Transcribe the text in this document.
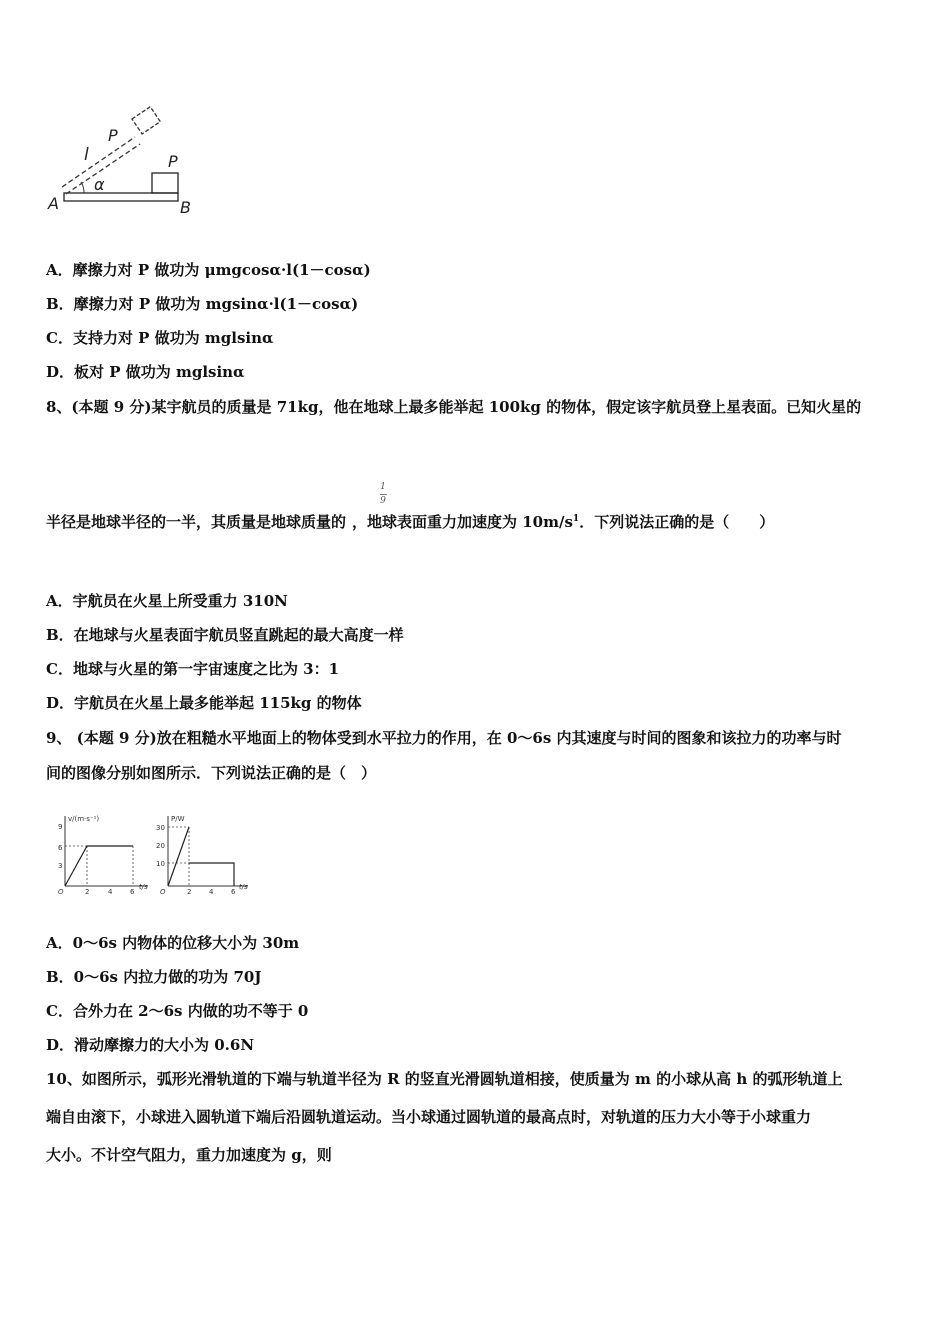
P
l	P
α
A	B
A．摩擦力对 P 做功为 μmgcosα·l(1－cosα)
B．摩擦力对 P 做功为 mgsinα·l(1－cosα)
C．支持力对 P 做功为 mglsinα
D．板对 P 做功为 mglsinα
8、(本题 9 分)某宇航员的质量是 71kg，他在地球上最多能举起 100kg 的物体，假定该字航员登上星表面。已知火星的
1
9
半径是地球半径的一半，其质量是地球质量的 ，地球表面重力加速度为 $10m/s^1$．下列说法正确的是（　　）
A．宇航员在火星上所受重力 310N
B．在地球与火星表面宇航员竖直跳起的最大高度一样
C．地球与火星的第一宇宙速度之比为 3：1
D．宇航员在火星上最多能举起 115kg 的物体
9、 (本题 9 分)放在粗糙水平地面上的物体受到水平拉力的作用，在 0～6s 内其速度与时间的图象和该拉力的功率与时
间的图像分别如图所示．下列说法正确的是（　）
v/(m·s⁻¹)
9
6
3
O	2	4	6
t/s
P/W
30
20
10
O	2	4	6
t/s
A．0～6s 内物体的位移大小为 30m
B．0～6s 内拉力做的功为 70J
C．合外力在 2～6s 内做的功不等于 0
D．滑动摩擦力的大小为 0.6N
10、如图所示，弧形光滑轨道的下端与轨道半径为 R 的竖直光滑圆轨道相接，使质量为 m 的小球从高 h 的弧形轨道上
端自由滚下，小球进入圆轨道下端后沿圆轨道运动。当小球通过圆轨道的最高点时，对轨道的压力大小等于小球重力
大小。不计空气阻力，重力加速度为 g，则
